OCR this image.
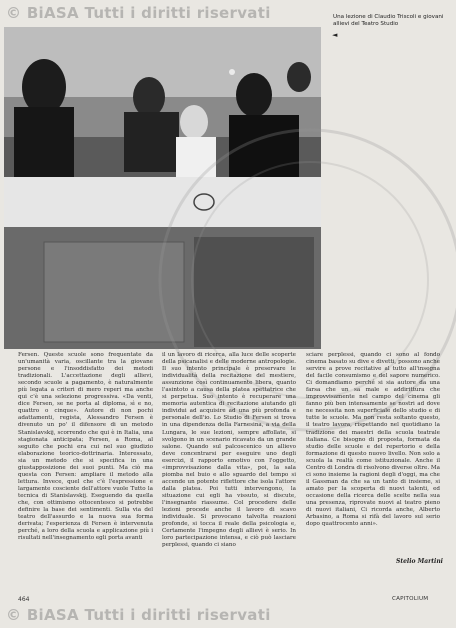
© BiASA Tutti i diritti riservati	Una lezione di Claudio Triscoli e giovani allievi del Teatro Studio
◄

Fersen. Queste scuole sono frequentate da un'umanità varia, oscillante tra la giovane persone e l'insoddisfatto dei metodi tradizionali. L'accettazione degli allievi, secondo scuole a pagamento, è naturalmente più legata a criteri di mero reperi ma anche qui c'è una selezione progressiva. «Da venti, dice Fersen, se ne porta al diploma, sì e no, quattro o cinque». Autore di non pochi adattamenti, regista, Alessandro Fersen è divenuto un po' il difensore di un metodo Stanislavskij, scorrendo che qui è in Italia, una stagionata anticipata; Fersen, a Roma, al seguito che pochi era cui nel suo giudizio elaborazione teorico-dottrinaria. Interessato, sia un metodo che si specifica in una giustapposizione dei suoi punti. Ma ciò ma questa con Fersen: ampliare il metodo alla lettura. Invece, quel che c'è l'espressione e largamente cosciente dell'attore vuole Tutto la tecnica di Stanislavskij. Eseguendo da quella che, con ottimismo ottocentesco si potrebbe definire la base dei sentimenti. Sulla via del teatro dell'assurdo e la nuova sua forma derivata; l'esperienza di Fersen è intervenuta perché, a loro della scuola e applicazione più i risultati nell'insegnamento egli porta avanti

il un lavoro di ricerca, alla luce delle scoperte della psicanalisi e delle moderne antropologie. Il suo intento principale è preservare le individualità della recitazione del mestiere, assunzione così continuamente libera, quanto l'asintoto a causa della platea spettatrice che si perpetua. Suo intento è recuperare una memoria autentica di recitazione aiutando gli individui ad acquisire ad una più profonda e personale dell'io. Lo Studio di Fersen si trova in una dipendenza della Farnesina, a via della Lungara, le sue lezioni, sempre affollate, si svolgono in un scenario ricavato da un grande salone. Quando sul palcoscenico un allievo deve concentrarsi per eseguire uno degli esercizi, il rapporto emotivo con l'oggetto, «improvvisazione dalla vita», poi, la sala piomba nel buio e allo sguardo del tempo si accende un potente riflettore che isola l'attore dalla platea. Poi tutti intervengono, la situazione cui egli ha vissuto, si discute, l'insegnante riassume. Col procedere delle lezioni procede anche il lavoro di scavo individuale. Si provocano talvolta reazioni profonde, si tocca il reale della psicologia e, Certamente l'impegno degli allievi è serio. In loro partecipazione intensa, e ciò può lasciare perplessi, quando ci siano

sciare perplessi, quando ci sono al fondo cinema basato su dive e divetti, possono anche servire a prove recitative al tutto all'insegna del facile consumismo e del sapore numerico. Ci domandiamo perché si sia autore da una farsa che un sa male e addirittura che improvvisamente nel campo del cinema gli fanno più ben intensamente se nostri ad dove ne necessita non superficiale dello studio e di tutte le scuole. Ma non resta soltanto questo, il teatro lavora, rispettando nel quotidiano la tradizione dei maestri della scuola teatrale italiana. Ce bisogno di proposta, formata da studio delle scuole e del repertorio e della formazione di questo nuovo livello. Non solo a scuola la realtà come istituzionale. Anche il Centro di Londra di risolvono diverse oltre. Ma ci sono insieme la ragioni degli d'oggi, ma che il Gassman da che sa un tanto di insieme, si amato per la scoperta di nuovi talenti, ed occasione della ricerca delle scelte nella sua una presenza, riprovate nuovi al teatro pieno di nuovi italiani, Ci ricorda anche, Alberto Arbasino, a Roma si rifà del lavoro sul serio dopo quattrocento anni».

Stelio Martini
464	CAPITOLIUM
© BiASA Tutti i diritti riservati
